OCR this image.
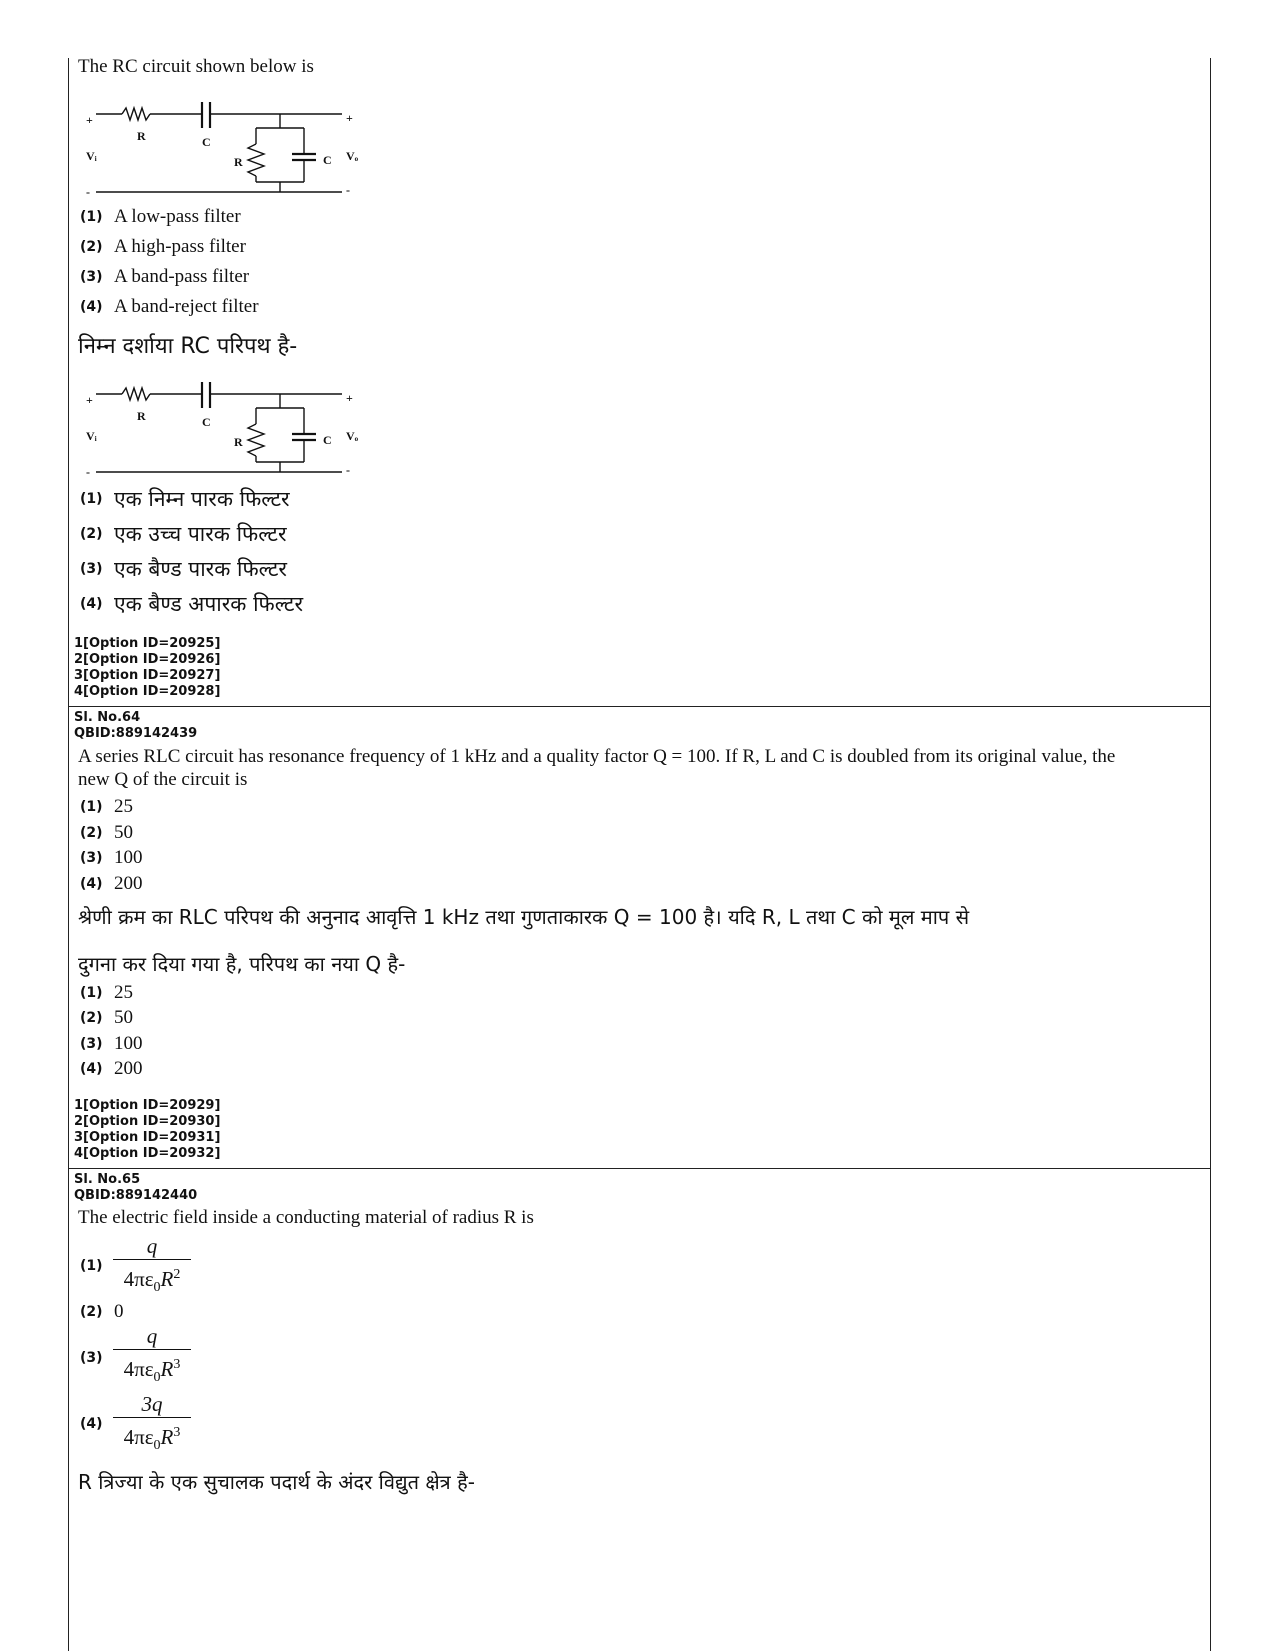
The RC circuit shown below is
+
R	C
Vᵢ	R	C Vₒ
+
-	-
(1) A low-pass filter
(2) A high-pass filter
(3) A band-pass filter
(4) A band-reject filter
निम्न दर्शाया RC परिपथ है-
+
R	C
Vᵢ	R	C Vₒ
+
-	-
(1) एक निम्न पारक फिल्टर
(2) एक उच्च पारक फिल्टर
(3) एक बैण्ड पारक फिल्टर
(4) एक बैण्ड अपारक फिल्टर
1[Option ID=20925]
2[Option ID=20926]
3[Option ID=20927]
4[Option ID=20928]
Sl. No.64
QBID:889142439
A series RLC circuit has resonance frequency of 1 kHz and a quality factor Q = 100. If R, L and C is doubled from its original value, the
new Q of the circuit is
(1) 25
(2) 50
(3) 100
(4) 200
श्रेणी क्रम का RLC परिपथ की अनुनाद आवृत्ति 1 kHz तथा गुणताकारक Q = 100 है। यदि R, L तथा C को मूल माप से
दुगना कर दिया गया है, परिपथ का नया Q है-
(1) 25
(2) 50
(3) 100
(4) 200
1[Option ID=20929]
2[Option ID=20930]
3[Option ID=20931]
4[Option ID=20932]
Sl. No.65
QBID:889142440
The electric field inside a conducting material of radius R is
(1)
q
$4\pi\varepsilon_0R^2$
(2) 0
(3)
q
$4\pi\varepsilon_0R^3$
(4)
3q
$4\pi\varepsilon_0R^3$
R त्रिज्या के एक सुचालक पदार्थ के अंदर विद्युत क्षेत्र है-
